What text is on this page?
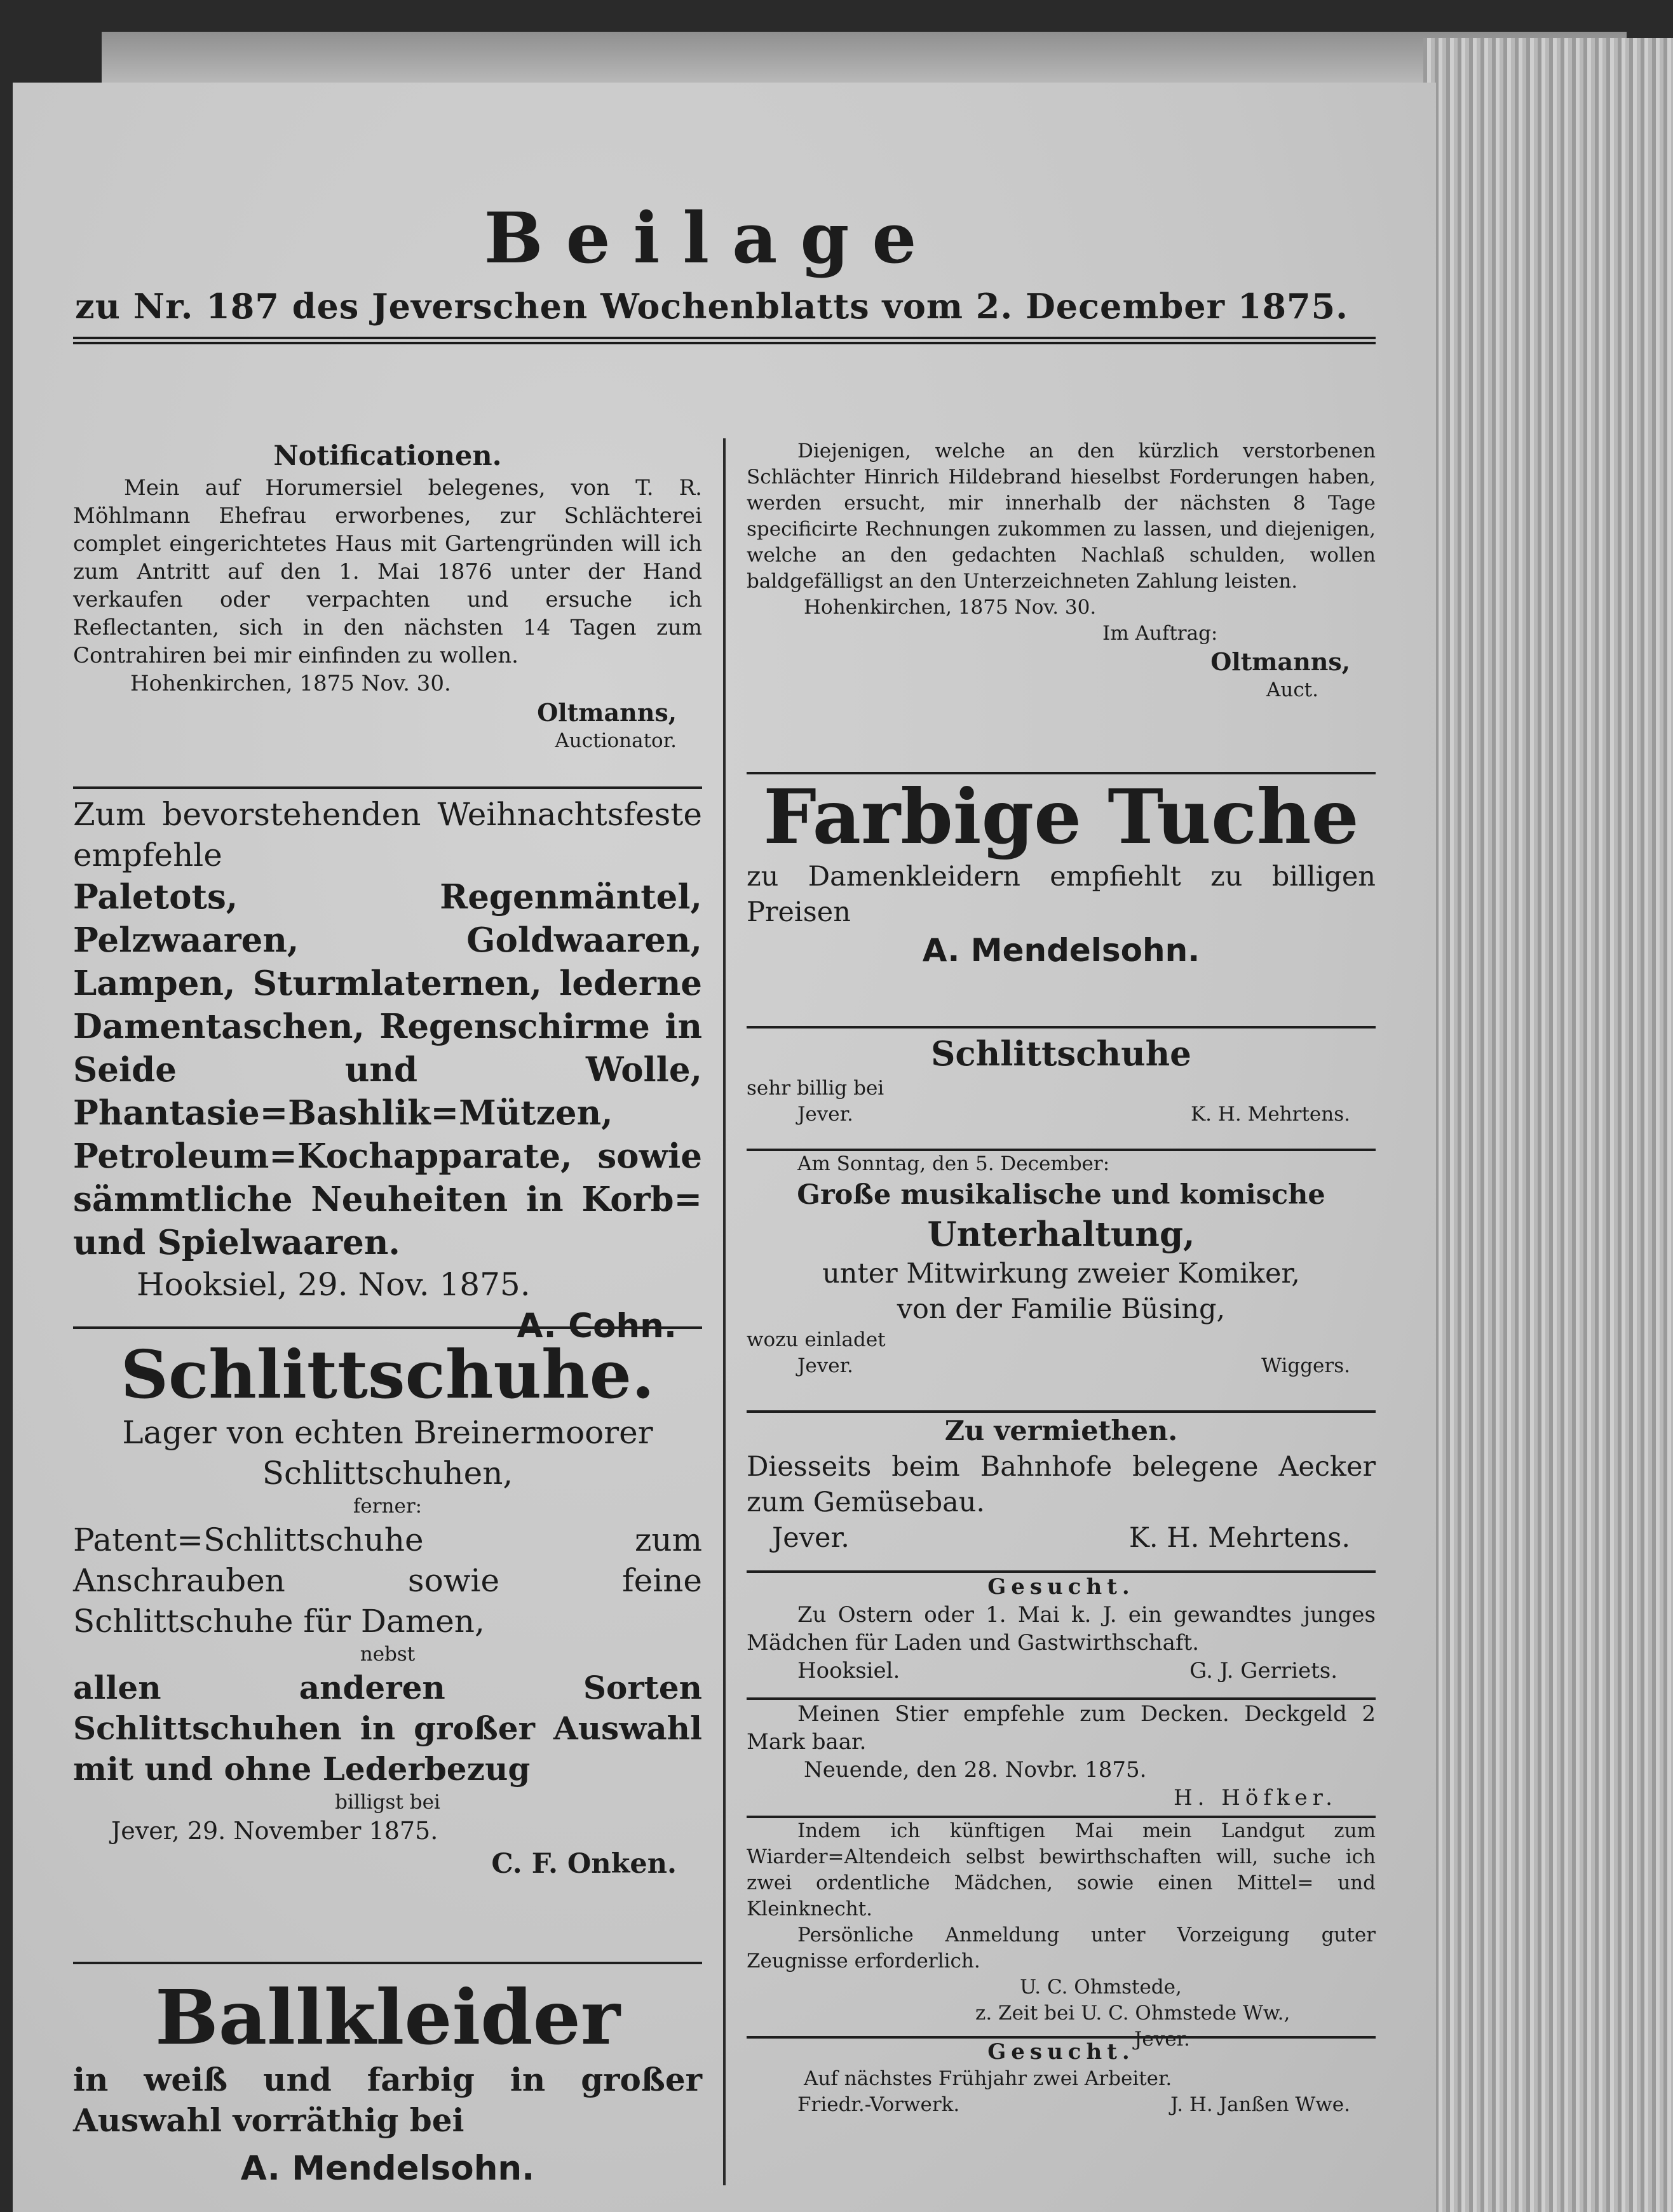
Beilage
zu Nr. 187 des Jeverschen Wochenblatts vom 2. December 1875.

Notificationen.

Mein auf Horumersiel belegenes, von T. R. Möhlmann Ehefrau erworbenes, zur Schlächterei complet eingerichtetes Haus mit Gartengründen will ich zum Antritt auf den 1. Mai 1876 unter der Hand verkaufen oder verpachten und ersuche ich Reflectanten, sich in den nächsten 14 Tagen zum Contrahiren bei mir einfinden zu wollen.

Hohenkirchen, 1875 Nov. 30.

Oltmanns,

Auctionator.

Zum bevorstehenden Weihnachtsfeste empfehle

Paletots, Regenmäntel, Pelzwaaren, Goldwaaren, Lampen, Sturmlaternen, lederne Damentaschen, Regenschirme in Seide und Wolle, Phantasie=Bashlik=Mützen, Petroleum=Kochapparate, sowie sämmtliche Neuheiten in Korb= und Spielwaaren.

Hooksiel, 29. Nov. 1875.

A. Cohn.

Schlittschuhe.

Lager von echten Breinermoorer Schlittschuhen,

ferner:

Patent=Schlittschuhe zum Anschrauben sowie feine Schlittschuhe für Damen,

nebst

allen anderen Sorten Schlittschuhen in großer Auswahl mit und ohne Lederbezug

billigst bei

Jever, 29. November 1875.

C. F. Onken.

Ballkleider

in weiß und farbig in großer Auswahl vorräthig bei

A. Mendelsohn.

Diejenigen, welche an den kürzlich verstorbenen Schlächter Hinrich Hildebrand hieselbst Forderungen haben, werden ersucht, mir innerhalb der nächsten 8 Tage specificirte Rechnungen zukommen zu lassen, und diejenigen, welche an den gedachten Nachlaß schulden, wollen baldgefälligst an den Unterzeichneten Zahlung leisten.

Hohenkirchen, 1875 Nov. 30.

Im Auftrag:

Oltmanns,

Auct.

Farbige Tuche

zu Damenkleidern empfiehlt zu billigen Preisen

A. Mendelsohn.

Schlittschuhe

sehr billig bei

Jever.	K. H. Mehrtens.

Am Sonntag, den 5. December:

Große musikalische und komische

Unterhaltung,

unter Mitwirkung zweier Komiker,

von der Familie Büsing,

wozu einladet

Jever.	Wiggers.

Zu vermiethen.

Diesseits beim Bahnhofe belegene Aecker zum Gemüsebau.

Jever.	K. H. Mehrtens.

Gesucht.

Zu Ostern oder 1. Mai k. J. ein gewandtes junges Mädchen für Laden und Gastwirthschaft.

Hooksiel.	G. J. Gerriets.

Meinen Stier empfehle zum Decken. Deckgeld 2 Mark baar.

Neuende, den 28. Novbr. 1875.

H. Höfker.

Indem ich künftigen Mai mein Landgut zum Wiarder=Altendeich selbst bewirthschaften will, suche ich zwei ordentliche Mädchen, sowie einen Mittel= und Kleinknecht.

Persönliche Anmeldung unter Vorzeigung guter Zeugnisse erforderlich.

U. C. Ohmstede,

z. Zeit bei U. C. Ohmstede Ww.,

Jever.

Gesucht.

Auf nächstes Frühjahr zwei Arbeiter.

Friedr.-Vorwerk.	J. H. Janßen Wwe.
